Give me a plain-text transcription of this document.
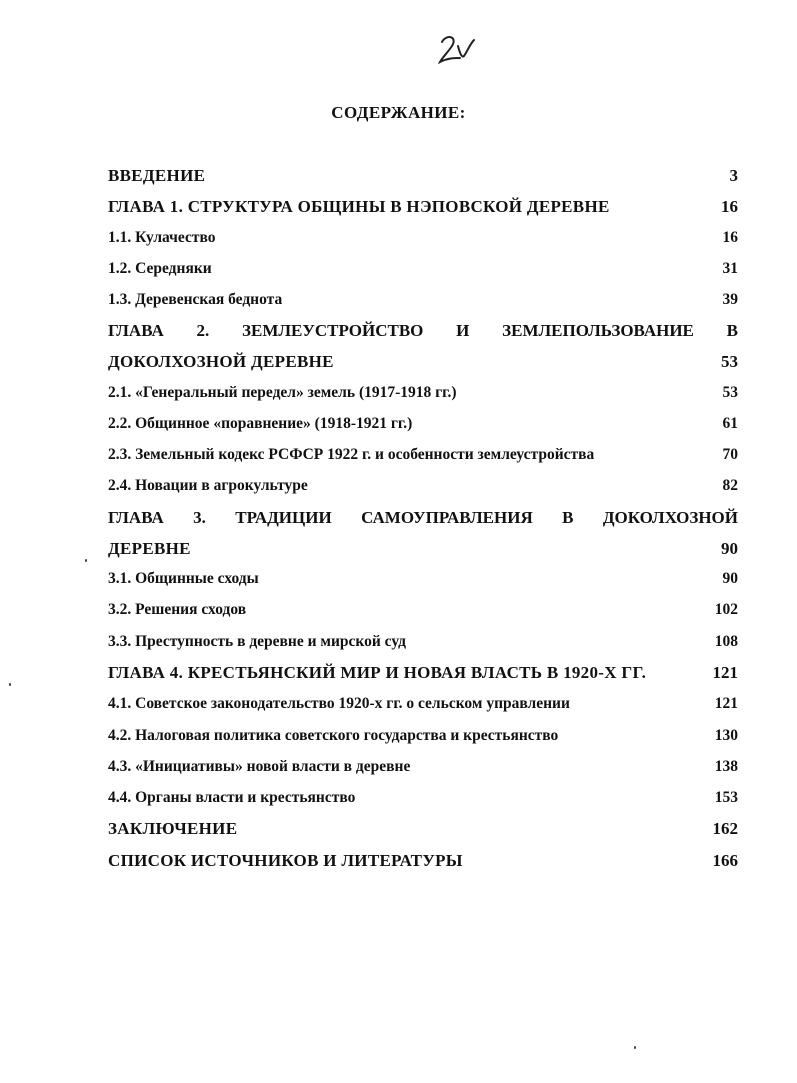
СОДЕРЖАНИЕ:
ВВЕДЕНИЕ	3
ГЛАВА 1. СТРУКТУРА ОБЩИНЫ В НЭПОВСКОЙ ДЕРЕВНЕ	16
1.1. Кулачество	16
1.2. Середняки	31
1.3. Деревенская беднота	39
ГЛАВА 2. ЗЕМЛЕУСТРОЙСТВО И ЗЕМЛЕПОЛЬЗОВАНИЕ В
ДОКОЛХОЗНОЙ ДЕРЕВНЕ	53
2.1. «Генеральный передел» земель (1917-1918 гг.)	53
2.2. Общинное «поравнение» (1918-1921 гг.)	61
2.3. Земельный кодекс РСФСР 1922 г. и особенности землеустройства	70
2.4. Новации в агрокультуре	82
ГЛАВА 3. ТРАДИЦИИ САМОУПРАВЛЕНИЯ В ДОКОЛХОЗНОЙ
ДЕРЕВНЕ	90
3.1. Общинные сходы	90
3.2. Решения сходов	102
3.3. Преступность в деревне и мирской суд	108
ГЛАВА 4. КРЕСТЬЯНСКИЙ МИР И НОВАЯ ВЛАСТЬ В 1920-Х ГГ.	121
4.1. Советское законодательство 1920-х гг. о сельском управлении	121
4.2. Налоговая политика советского государства и крестьянство	130
4.3. «Инициативы» новой власти в деревне	138
4.4. Органы власти и крестьянство	153
ЗАКЛЮЧЕНИЕ	162
СПИСОК ИСТОЧНИКОВ И ЛИТЕРАТУРЫ	166
